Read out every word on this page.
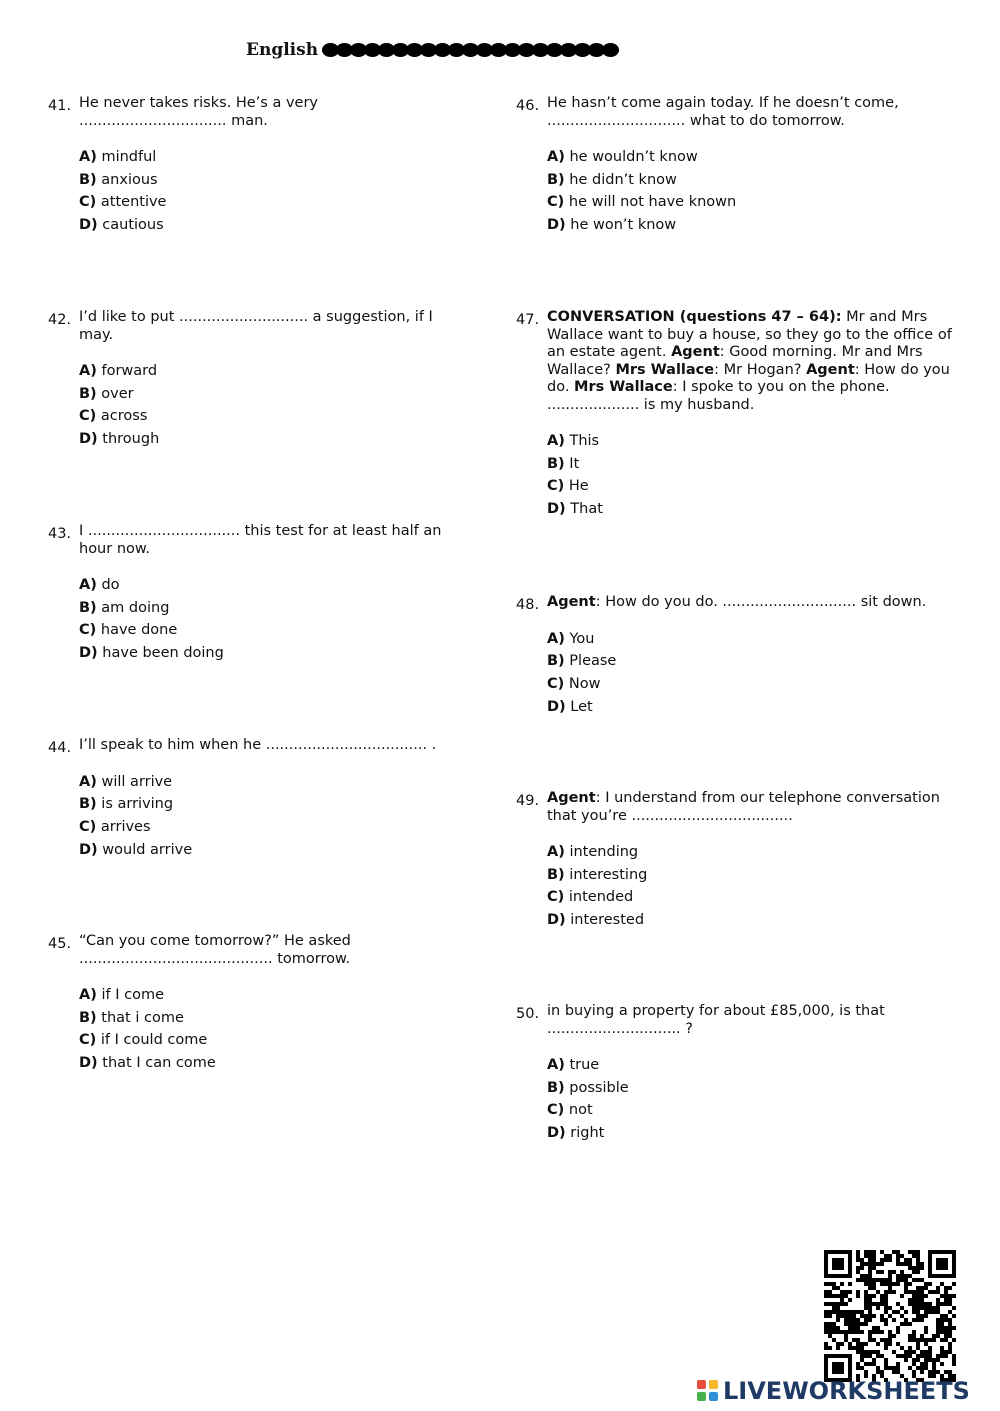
English
41. He never takes risks. He’s a very ................................ man.

A) mindful
B) anxious
C) attentive
D) cautious
42. I’d like to put ............................ a suggestion, if I may.

A) forward
B) over
C) across
D) through
43. I ................................. this test for at least half an hour now.

A) do
B) am doing
C) have done
D) have been doing
44. I’ll speak to him when he ................................... .

A) will arrive
B) is arriving
C) arrives
D) would arrive
45. “Can you come tomorrow?” He asked .......................................... tomorrow.

A) if I come
B) that i come
C) if I could come
D) that I can come
46. He hasn’t come again today. If he doesn’t come, .............................. what to do tomorrow.

A) he wouldn’t know
B) he didn’t know
C) he will not have known
D) he won’t know
47. CONVERSATION (questions 47 – 64): Mr and Mrs Wallace want to buy a house, so they go to the office of an estate agent. Agent: Good morning. Mr and Mrs Wallace? Mrs Wallace: Mr Hogan? Agent: How do you do. Mrs Wallace: I spoke to you on the phone. .................... is my husband.

A) This
B) It
C) He
D) That
48. Agent: How do you do. ............................. sit down.

A) You
B) Please
C) Now
D) Let
49. Agent: I understand from our telephone conversation that you’re ...................................

A) intending
B) interesting
C) intended
D) interested
50. in buying a property for about £85,000, is that ............................. ?

A) true
B) possible
C) not
D) right
LIVEWORKSHEETS
